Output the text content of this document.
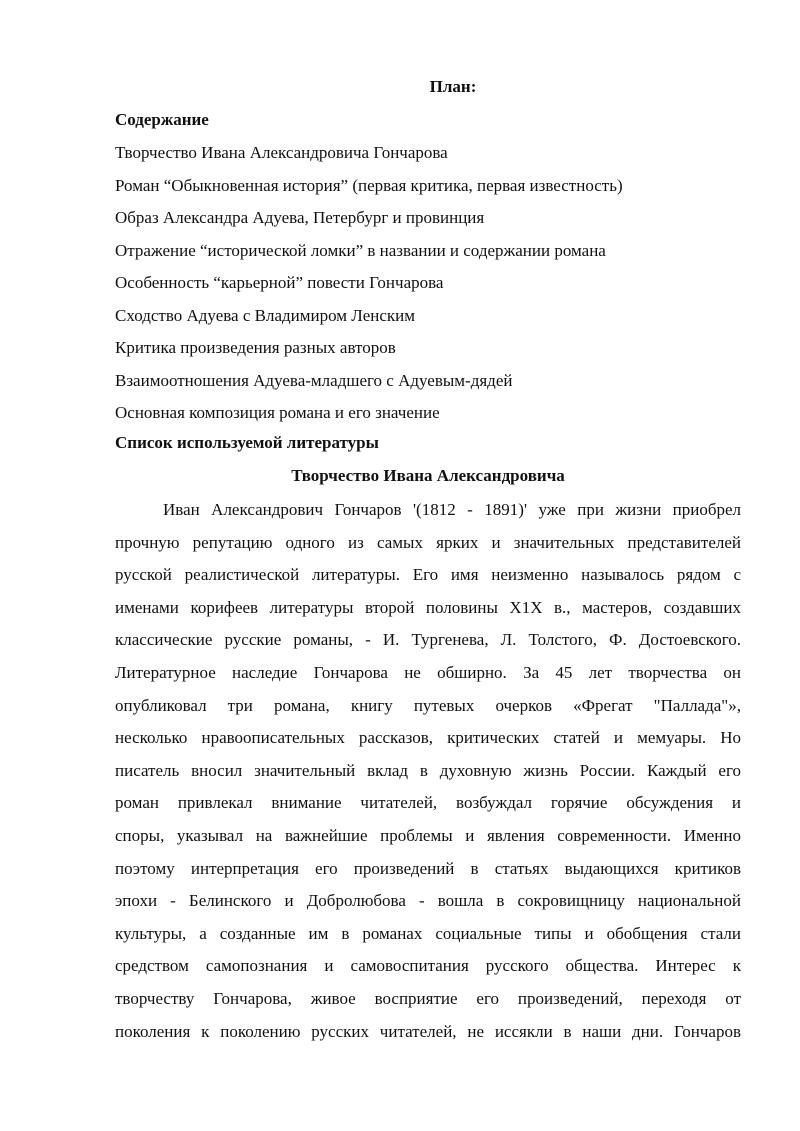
План:
Содержание
Творчество Ивана Александровича Гончарова
Роман “Обыкновенная история” (первая критика, первая известность)
Образ Александра Адуева, Петербург и провинция
Отражение “исторической ломки” в названии и содержании романа
Особенность “карьерной” повести Гончарова
Сходство Адуева с Владимиром Ленским
Критика произведения разных авторов
Взаимоотношения Адуева-младшего с Адуевым-дядей
Основная композиция романа и его значение
Список используемой литературы
Творчество Ивана Александровича
Иван Александрович Гончаров '(1812 - 1891)' уже при жизни приобрел
прочную репутацию одного из самых ярких и значительных представителей
русской реалистической литературы. Его имя неизменно называлось рядом с
именами корифеев литературы второй половины X1X в., мастеров, создавших
классические русские романы, - И. Тургенева, Л. Толстого, Ф. Достоевского.
Литературное наследие Гончарова не обширно. За 45 лет творчества он
опубликовал три романа, книгу путевых очерков «Фрегат "Паллада"»,
несколько нравоописательных рассказов, критических статей и мемуары. Но
писатель вносил значительный вклад в духовную жизнь России. Каждый его
роман привлекал внимание читателей, возбуждал горячие обсуждения и
споры, указывал на важнейшие проблемы и явления современности. Именно
поэтому интерпретация его произведений в статьях выдающихся критиков
эпохи - Белинского и Добролюбова - вошла в сокровищницу национальной
культуры, а созданные им в романах социальные типы и обобщения стали
средством самопознания и самовоспитания русского общества. Интерес к
творчеству Гончарова, живое восприятие его произведений, переходя от
поколения к поколению русских читателей, не иссякли в наши дни. Гончаров
